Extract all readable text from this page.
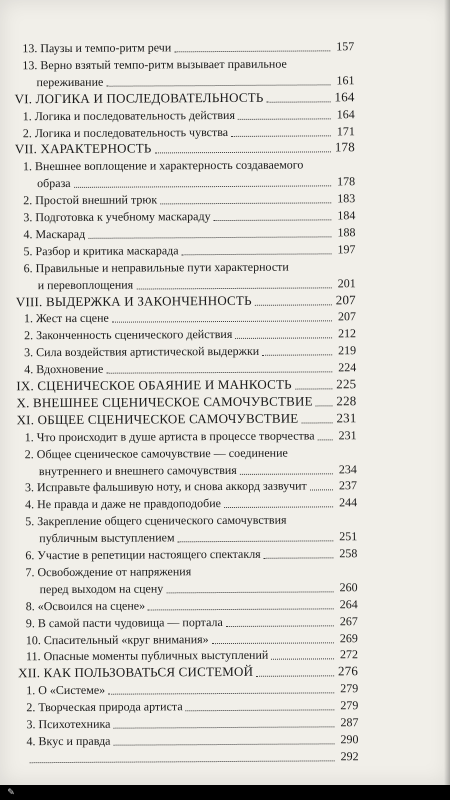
13. Паузы и темпо-ритм речи	157
13. Верно взятый темпо-ритм вызывает правильное
переживание	161
VI. ЛОГИКА И ПОСЛЕДОВАТЕЛЬНОСТЬ	164
1. Логика и последовательность действия	164
2. Логика и последовательность чувства	171
VII. ХАРАКТЕРНОСТЬ	178
1. Внешнее воплощение и характерность создаваемого
образа	178
2. Простой внешний трюк	183
3. Подготовка к учебному маскараду	184
4. Маскарад	188
5. Разбор и критика маскарада	197
6. Правильные и неправильные пути характерности
и перевоплощения	201
VIII. ВЫДЕРЖКА И ЗАКОНЧЕННОСТЬ	207
1. Жест на сцене	207
2. Законченность сценического действия	212
3. Сила воздействия артистической выдержки	219
4. Вдохновение	224
IX. СЦЕНИЧЕСКОЕ ОБАЯНИЕ И МАНКОСТЬ	225
X. ВНЕШНЕЕ СЦЕНИЧЕСКОЕ САМОЧУВСТВИЕ 228
XI. ОБЩЕЕ СЦЕНИЧЕСКОЕ САМОЧУВСТВИЕ	231
1. Что происходит в душе артиста в процессе творчества 231
2. Общее сценическое самочувствие — соединение
внутреннего и внешнего самочувствия	234
3. Исправьте фальшивую ноту, и снова аккорд зазвучит	237
4. Не правда и даже не правдоподобие	244
5. Закрепление общего сценического самочувствия
публичным выступлением	251
6. Участие в репетиции настоящего спектакля	258
7. Освобождение от напряжения
перед выходом на сцену	260
8. «Освоился на сцене»	264
9. В самой пасти чудовища — портала	267
10. Спасительный «круг внимания»	269
11. Опасные моменты публичных выступлений	272
XII. КАК ПОЛЬЗОВАТЬСЯ СИСТЕМОЙ	276
1. О «Системе»	279
2. Творческая природа артиста	279
3. Психотехника	287
4. Вкус и правда	290
292
✎
